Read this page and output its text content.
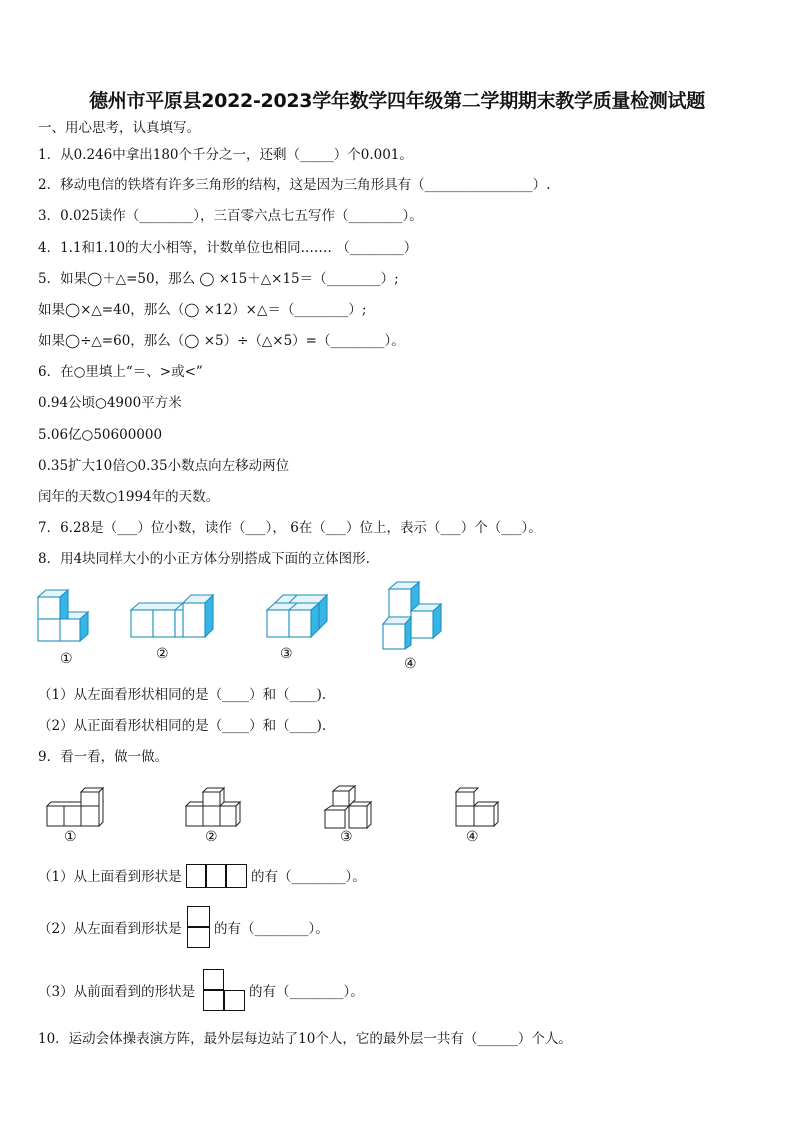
德州市平原县2022-2023学年数学四年级第二学期期末教学质量检测试题
一、用心思考，认真填写。
1．从0.246中拿出180个千分之一，还剩（_____）个0.001。
2．移动电信的铁塔有许多三角形的结构，这是因为三角形具有（________________）.
3．0.025读作（________），三百零六点七五写作（________）。
4．1.1和1.10的大小相等，计数单位也相同.…… （________）
5．如果◯＋△=50，那么 ◯ ×15＋△×15＝（________）;
如果◯×△=40，那么（◯ ×12）×△＝（________）;
如果◯÷△=60，那么（◯ ×5）÷（△×5）=（________）。
6．在○里填上“＝、>或<”
0.94公顷○4900平方米
5.06亿○50600000
0.35扩大10倍○0.35小数点向左移动两位
闰年的天数○1994年的天数。
7．6.28是（___）位小数，读作（___）， 6在（___）位上，表示（___）个（___）。
8．用4块同样大小的小正方体分别搭成下面的立体图形.
①	②	③
④
（1）从左面看形状相同的是（____）和（____).
（2）从正面看形状相同的是（____）和（____).
9．看一看，做一做。
①	②	③	④
（1）从上面看到形状是	的有（________）。
（2）从左面看到形状是 的有（________）。
（3）从前面看到的形状是	的有（________）。
10．运动会体操表演方阵，最外层每边站了10个人，它的最外层一共有（______）个人。
